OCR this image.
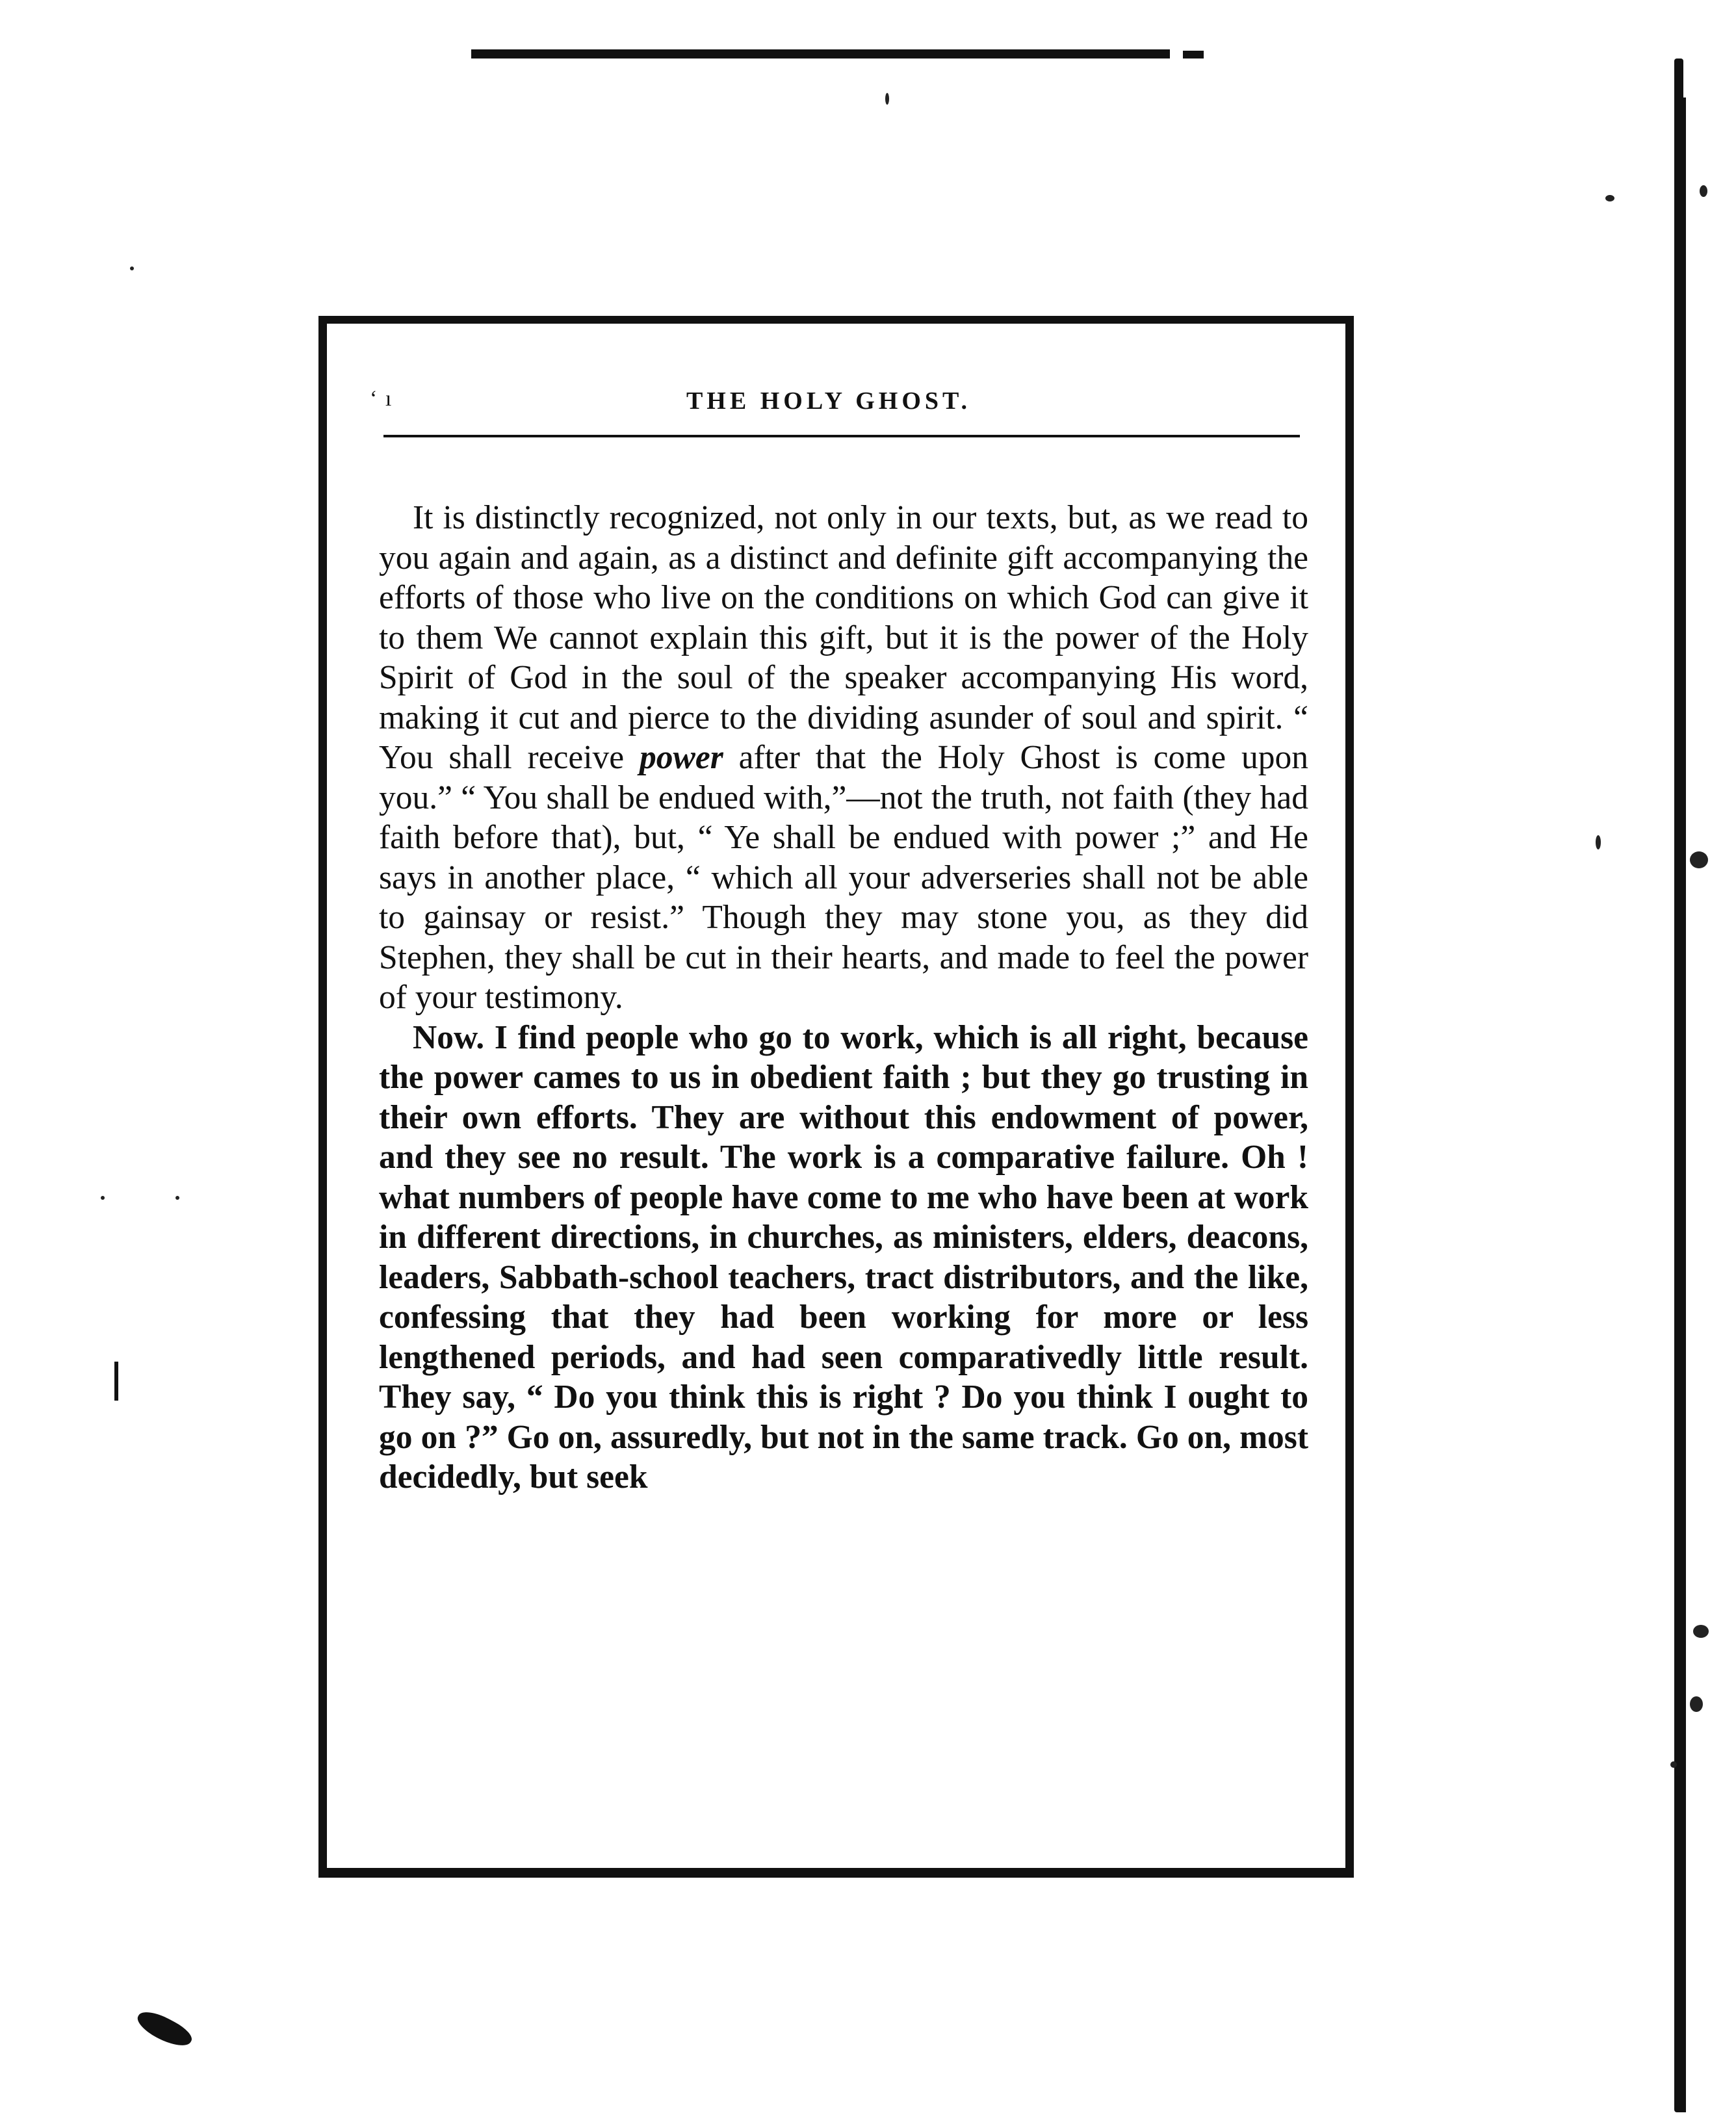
‘ ı	THE HOLY GHOST.

It is distinctly recognized, not only in our texts, but, as we read to you again and again, as a distinct and definite gift accompanying the efforts of those who live on the conditions on which God can give it to them We cannot explain this gift, but it is the power of the Holy Spirit of God in the soul of the speaker accompanying His word, making it cut and pierce to the dividing asunder of soul and spirit. “ You shall receive power after that the Holy Ghost is come upon you.” “ You shall be endued with,”—not the truth, not faith (they had faith before that), but, “ Ye shall be endued with power ;” and He says in another place, “ which all your adverseries shall not be able to gainsay or resist.” Though they may stone you, as they did Stephen, they shall be cut in their hearts, and made to feel the power of your testimony.

Now. I find people who go to work, which is all right, because the power cames to us in obedient faith ; but they go trusting in their own efforts. They are without this endowment of power, and they see no result. The work is a comparative failure. Oh ! what numbers of people have come to me who have been at work in different directions, in churches, as ministers, elders, deacons, leaders, Sabbath-school teachers, tract distributors, and the like, confessing that they had been working for more or less lengthened periods, and had seen comparativedly little result. They say, “ Do you think this is right ? Do you think I ought to go on ?” Go on, assuredly, but not in the same track. Go on, most decidedly, but seek
